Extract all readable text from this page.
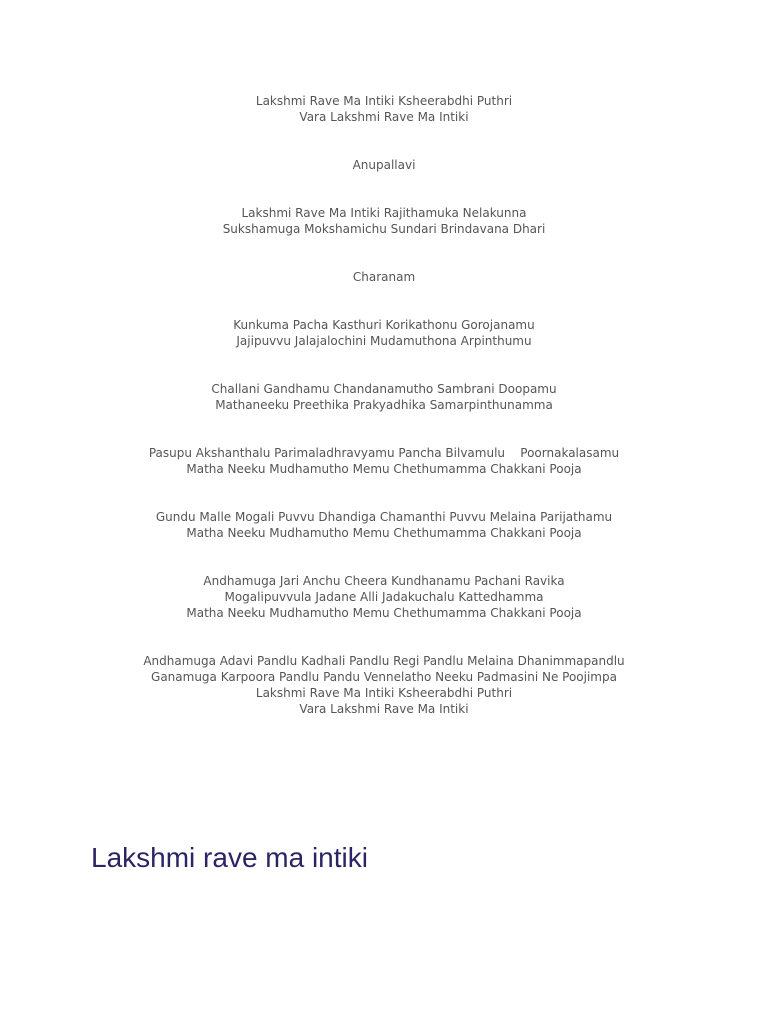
Lakshmi Rave Ma Intiki Ksheerabdhi Puthri
Vara Lakshmi Rave Ma Intiki
Anupallavi
Lakshmi Rave Ma Intiki Rajithamuka Nelakunna
Sukshamuga Mokshamichu Sundari Brindavana Dhari
Charanam
Kunkuma Pacha Kasthuri Korikathonu Gorojanamu
Jajipuvvu Jalajalochini Mudamuthona Arpinthumu
Challani Gandhamu Chandanamutho Sambrani Doopamu
Mathaneeku Preethika Prakyadhika Samarpinthunamma
Pasupu Akshanthalu Parimaladhravyamu Pancha Bilvamulu    Poornakalasamu
Matha Neeku Mudhamutho Memu Chethumamma Chakkani Pooja
Gundu Malle Mogali Puvvu Dhandiga Chamanthi Puvvu Melaina Parijathamu
Matha Neeku Mudhamutho Memu Chethumamma Chakkani Pooja
Andhamuga Jari Anchu Cheera Kundhanamu Pachani Ravika
Mogalipuvvula Jadane Alli Jadakuchalu Kattedhamma
Matha Neeku Mudhamutho Memu Chethumamma Chakkani Pooja
Andhamuga Adavi Pandlu Kadhali Pandlu Regi Pandlu Melaina Dhanimmapandlu
Ganamuga Karpoora Pandlu Pandu Vennelatho Neeku Padmasini Ne Poojimpa
Lakshmi Rave Ma Intiki Ksheerabdhi Puthri
Vara Lakshmi Rave Ma Intiki
Lakshmi rave ma intiki
